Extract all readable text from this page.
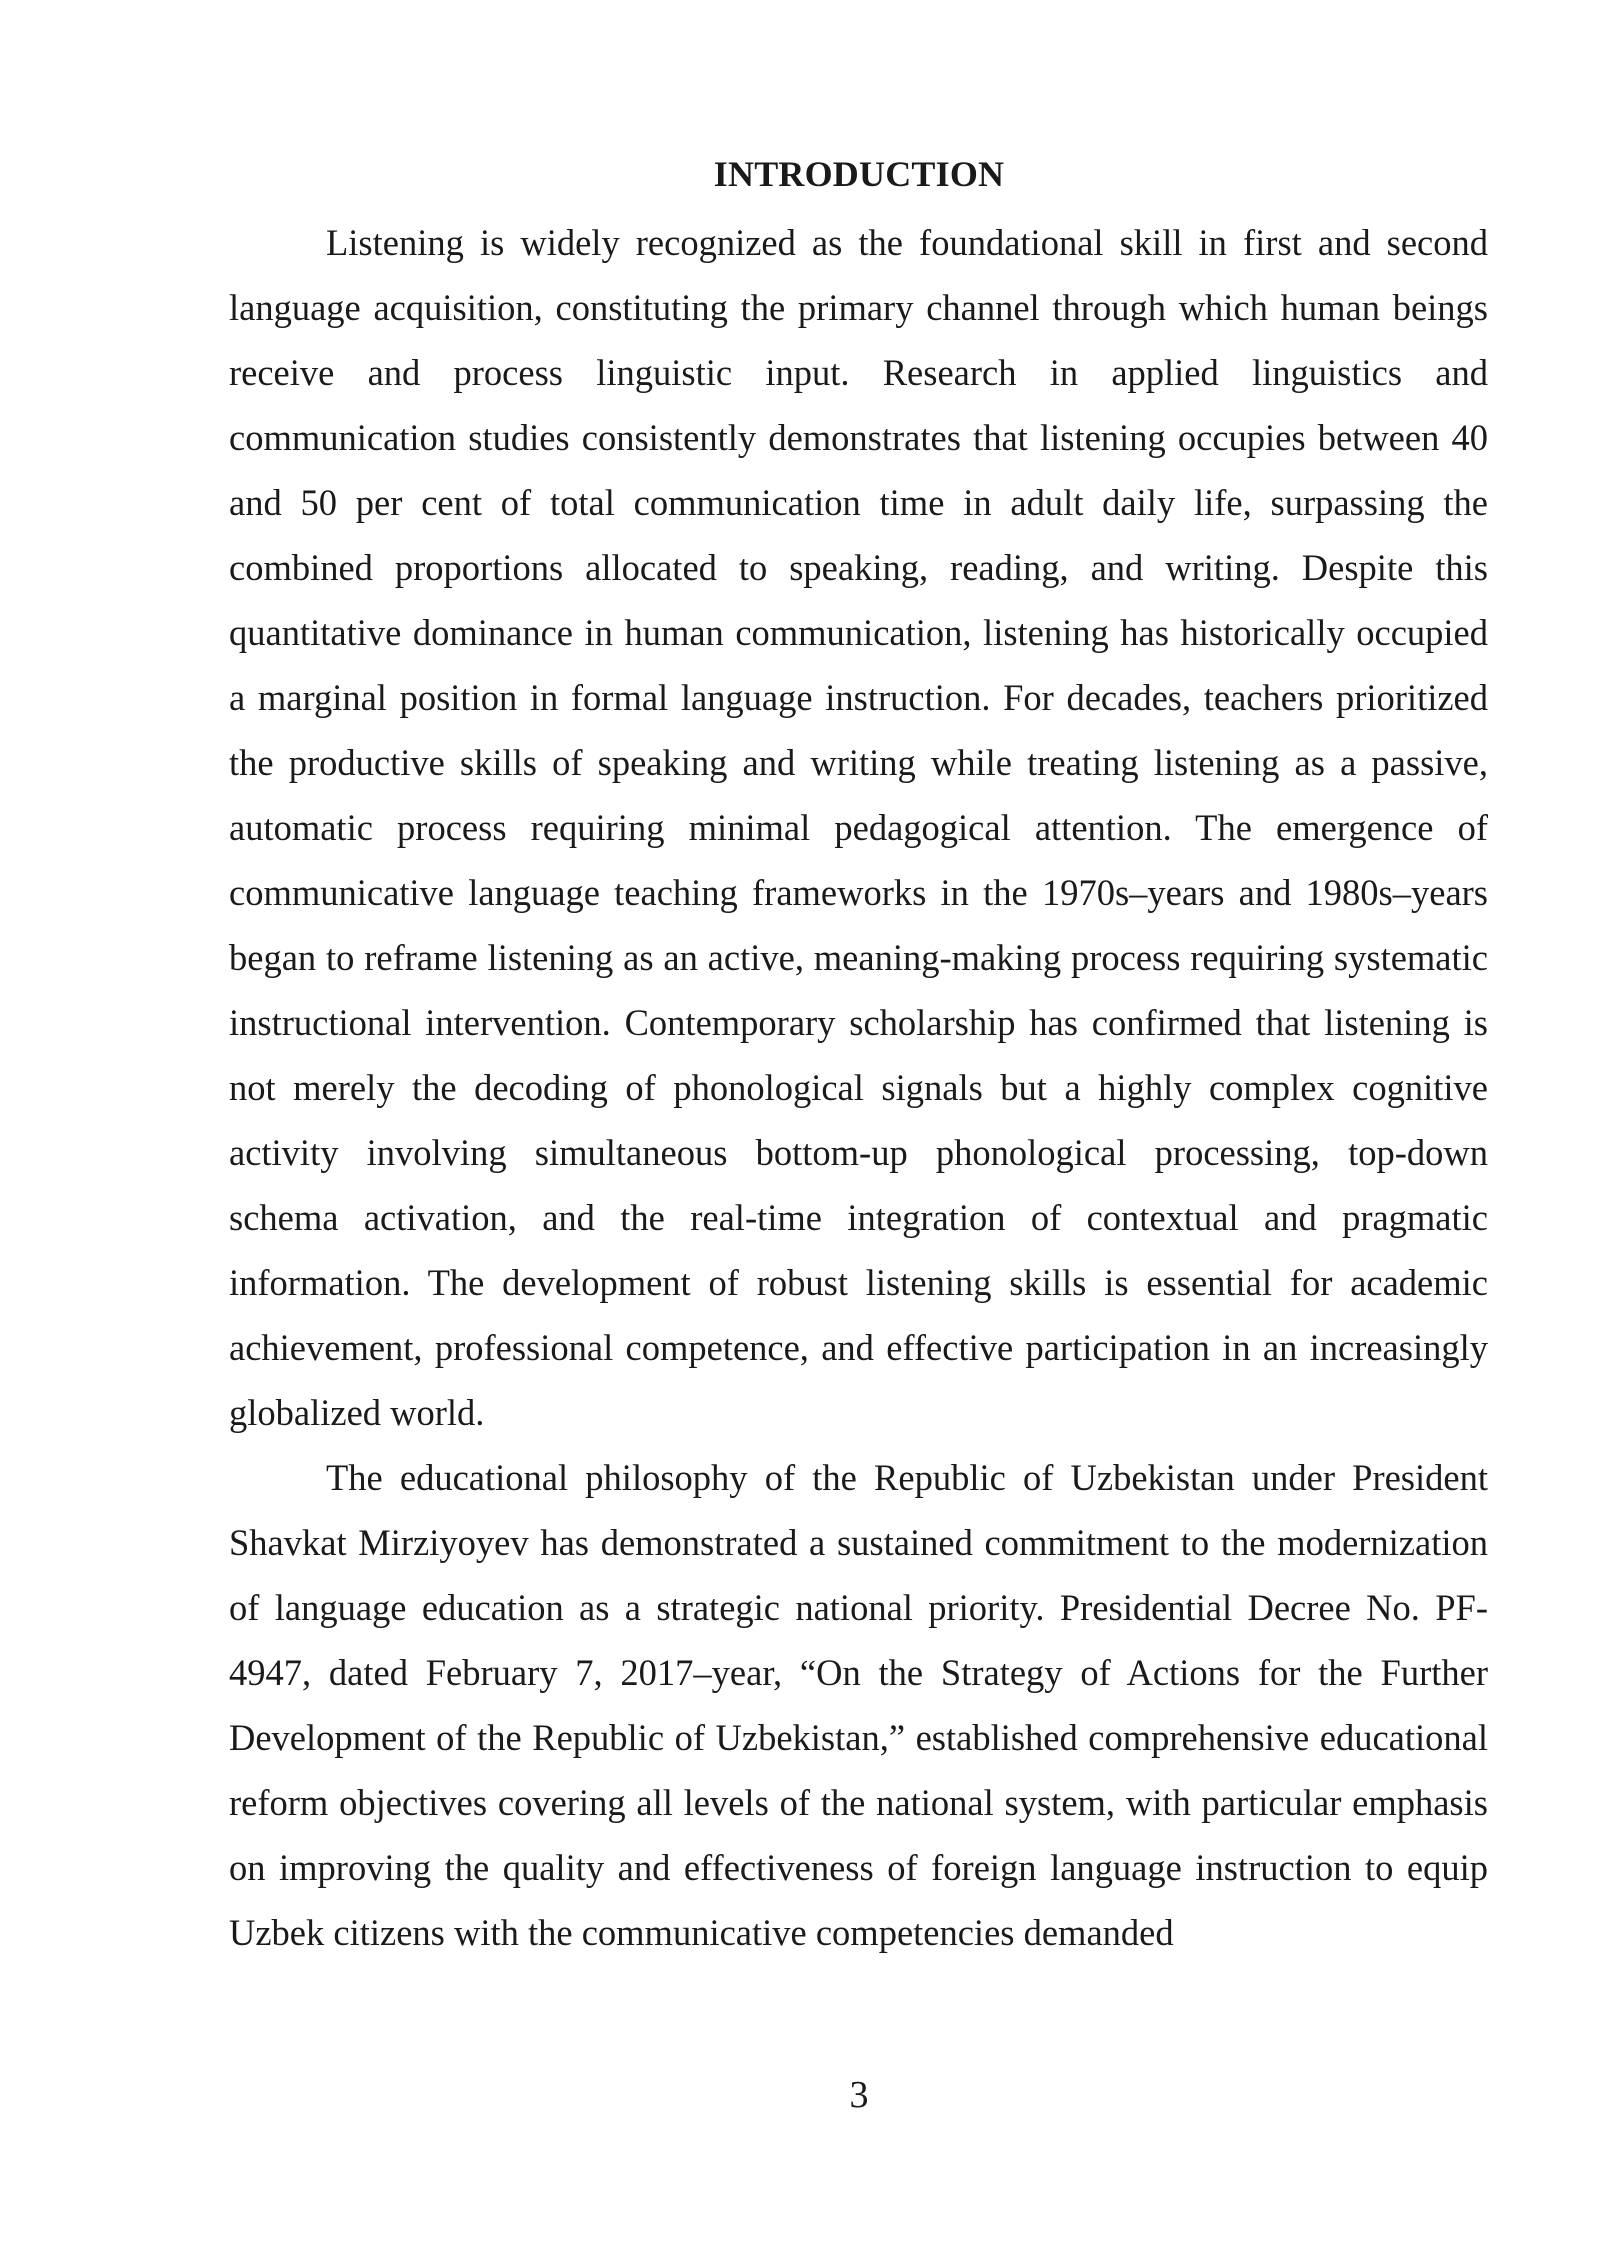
INTRODUCTION

Listening is widely recognized as the foundational skill in first and second language acquisition, constituting the primary channel through which human beings receive and process linguistic input. Research in applied linguistics and communication studies consistently demonstrates that listening occupies between 40 and 50 per cent of total communication time in adult daily life, surpassing the combined proportions allocated to speaking, reading, and writing. Despite this quantitative dominance in human communication, listening has historically occupied a marginal position in formal language instruction. For decades, teachers prioritized the productive skills of speaking and writing while treating listening as a passive, automatic process requiring minimal pedagogical attention. The emergence of communicative language teaching frameworks in the 1970s–years and 1980s–years began to reframe listening as an active, meaning-making process requiring systematic instructional intervention. Contemporary scholarship has confirmed that listening is not merely the decoding of phonological signals but a highly complex cognitive activity involving simultaneous bottom-up phonological processing, top-down schema activation, and the real-time integration of contextual and pragmatic information. The development of robust listening skills is essential for academic achievement, professional competence, and effective participation in an increasingly globalized world.

The educational philosophy of the Republic of Uzbekistan under President Shavkat Mirziyoyev has demonstrated a sustained commitment to the modernization of language education as a strategic national priority. Presidential Decree No. PF-4947, dated February 7, 2017–year, “On the Strategy of Actions for the Further Development of the Republic of Uzbekistan,” established comprehensive educational reform objectives covering all levels of the national system, with particular emphasis on improving the quality and effectiveness of foreign language instruction to equip Uzbek citizens with the communicative competencies demanded

3
